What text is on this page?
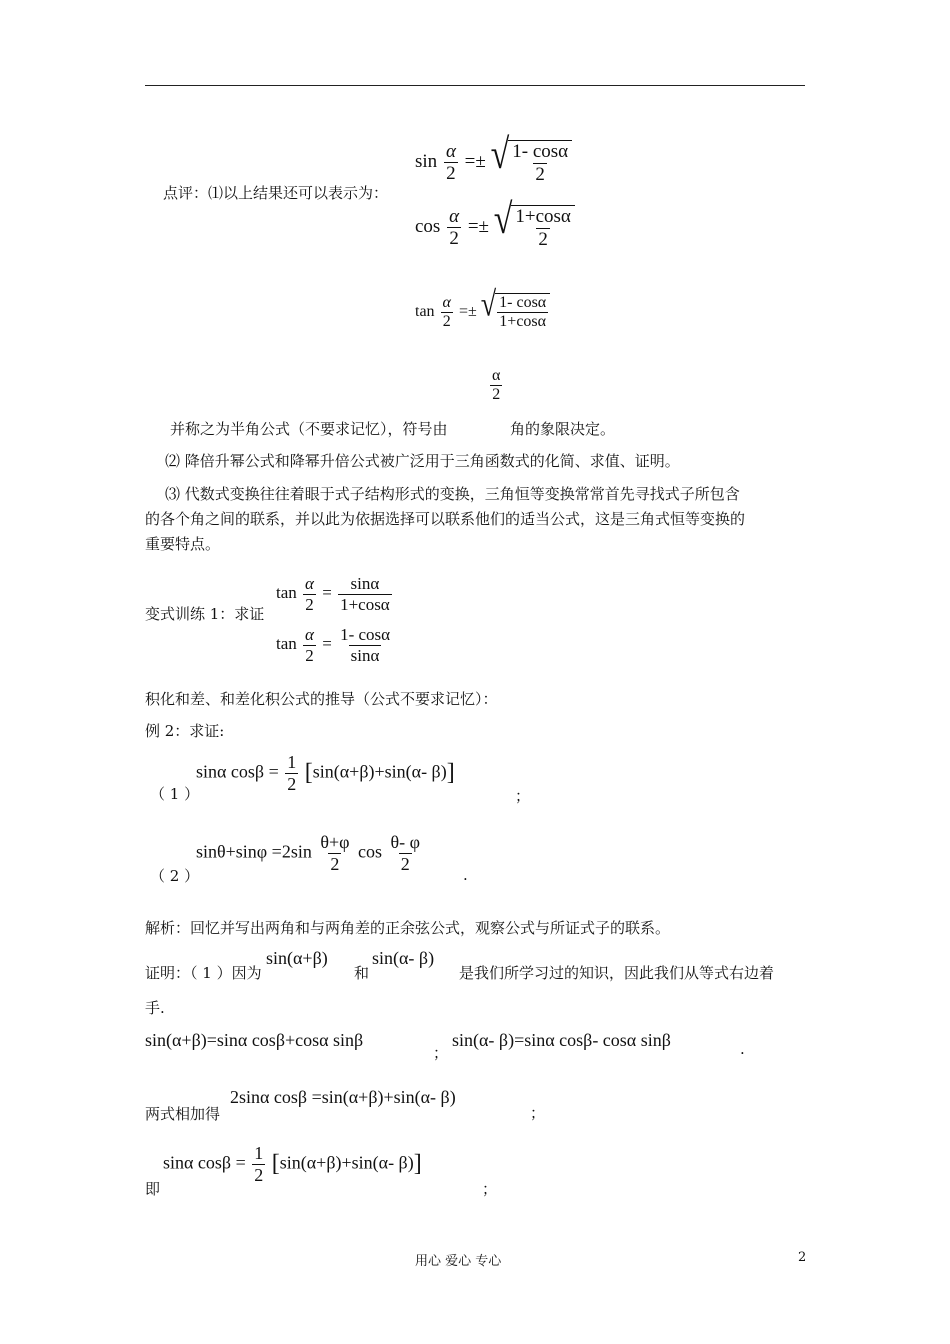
点评：⑴以上结果还可以表示为：
$\sin \frac{\alpha}{2}$ =± √ 1- cosα
2
$\cos \frac{\alpha}{2}$ =± √ 1+cosα
2
$\tan \frac{\alpha}{2}$ =± √ 1- cosα
1+cosα
$\frac{\alpha}{2}$
并称之为半角公式（不要求记忆），符号由	角的象限决定。
⑵ 降倍升幂公式和降幂升倍公式被广泛用于三角函数式的化简、求值、证明。
⑶ 代数式变换往往着眼于式子结构形式的变换，三角恒等变换常常首先寻找式子所包含
的各个角之间的联系，并以此为依据选择可以联系他们的适当公式，这是三角式恒等变换的
重要特点。
变式训练 1：求证
$\tan \frac{\alpha}{2} = \frac{\sin\alpha}{1+\cos\alpha}$
$\tan \frac{\alpha}{2} = \frac{1- \cos\alpha}{\sin\alpha}$
积化和差、和差化积公式的推导（公式不要求记忆）：
例 2：求证:
（ 1 ）
sinα $\cos\beta = \frac{1}{2} [\sin(\alpha+\beta)+\sin(\alpha-$ β)]
；
（ 2 ）
$\sin\theta+\sin\varphi =2\sin \frac{\theta+\varphi}{2}$ $\cos \frac{\theta- \varphi}{2}$
.
解析：回忆并写出两角和与两角差的正余弦公式，观察公式与所证式子的联系。
证明：（ 1 ）因为
sin(α+β)
和
sin(α- β)
是我们所学习过的知识，因此我们从等式右边着
手.
sin(α+β)=sinα cosβ+cosα sinβ
；
sin(α- β)=sinα cosβ- cosα sinβ	.
两式相加得
2sinα cosβ =sin(α+β)+sin(α- β)
；
即
sinα $\cos\beta = \frac{1}{2} [\sin(\alpha+\beta)+\sin(\alpha-$ β)]
；
用心 爱心 专心	2
